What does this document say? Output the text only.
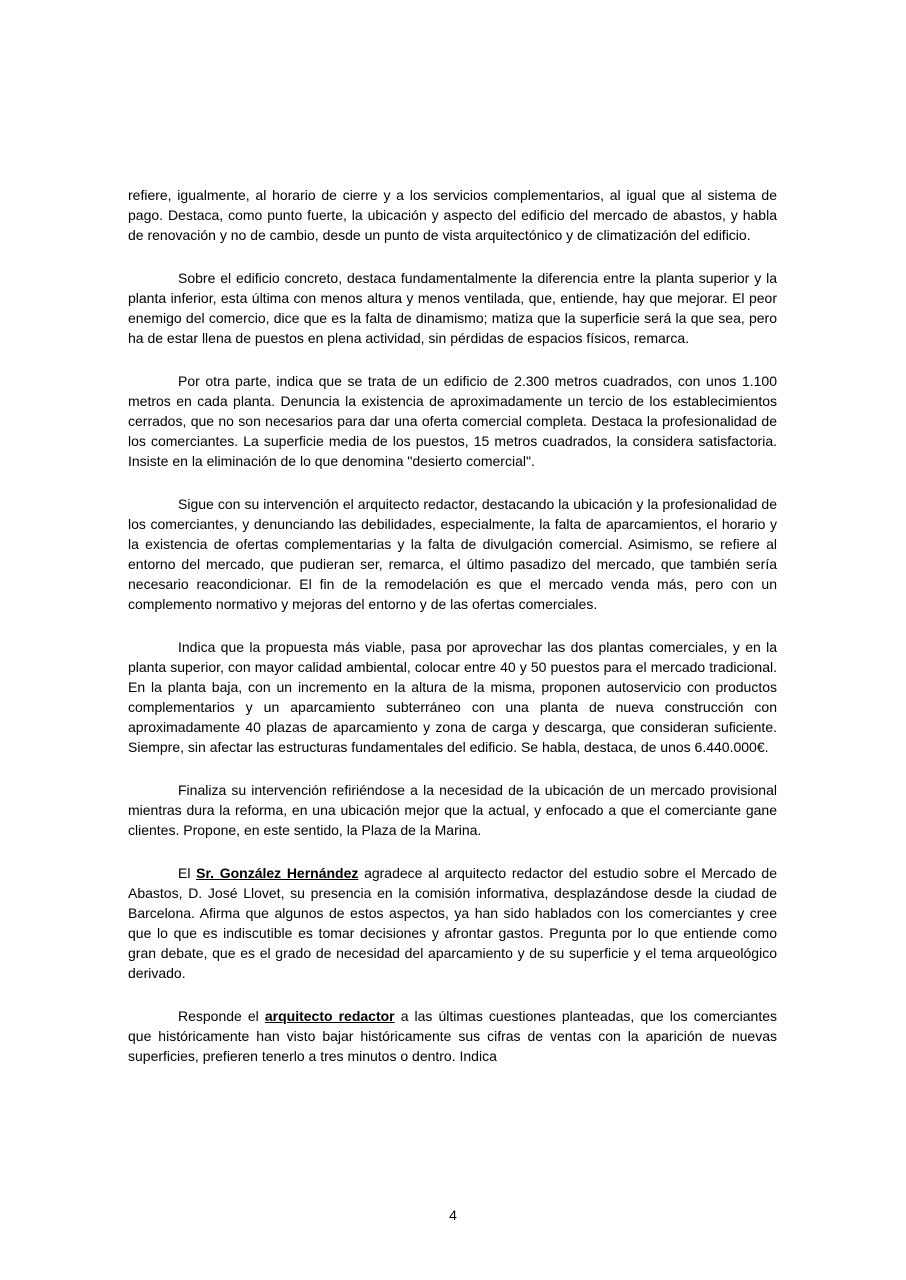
refiere, igualmente, al horario de cierre y a los servicios complementarios, al igual que al sistema de pago. Destaca, como punto fuerte, la ubicación y aspecto del edificio del mercado de abastos, y habla de renovación y no de cambio, desde un punto de vista arquitectónico y de climatización del edificio.

Sobre el edificio concreto, destaca fundamentalmente la diferencia entre la planta superior y la planta inferior, esta última con menos altura y menos ventilada, que, entiende, hay que mejorar. El peor enemigo del comercio, dice que es la falta de dinamismo; matiza que la superficie será la que sea, pero ha de estar llena de puestos en plena actividad, sin pérdidas de espacios físicos, remarca.

Por otra parte, indica que se trata de un edificio de 2.300 metros cuadrados, con unos 1.100 metros en cada planta. Denuncia la existencia de aproximadamente un tercio de los establecimientos cerrados, que no son necesarios para dar una oferta comercial completa. Destaca la profesionalidad de los comerciantes. La superficie media de los puestos, 15 metros cuadrados, la considera satisfactoria. Insiste en la eliminación de lo que denomina "desierto comercial".

Sigue con su intervención el arquitecto redactor, destacando la ubicación y la profesionalidad de los comerciantes, y denunciando las debilidades, especialmente, la falta de aparcamientos, el horario y la existencia de ofertas complementarias y la falta de divulgación comercial. Asimismo, se refiere al entorno del mercado, que pudieran ser, remarca, el último pasadizo del mercado, que también sería necesario reacondicionar. El fin de la remodelación es que el mercado venda más, pero con un complemento normativo y mejoras del entorno y de las ofertas comerciales.

Indica que la propuesta más viable, pasa por aprovechar las dos plantas comerciales, y en la planta superior, con mayor calidad ambiental, colocar entre 40 y 50 puestos para el mercado tradicional. En la planta baja, con un incremento en la altura de la misma, proponen autoservicio con productos complementarios y un aparcamiento subterráneo con una planta de nueva construcción con aproximadamente 40 plazas de aparcamiento y zona de carga y descarga, que consideran suficiente. Siempre, sin afectar las estructuras fundamentales del edificio. Se habla, destaca, de unos 6.440.000€.

Finaliza su intervención refiriéndose a la necesidad de la ubicación de un mercado provisional mientras dura la reforma, en una ubicación mejor que la actual, y enfocado a que el comerciante gane clientes. Propone, en este sentido, la Plaza de la Marina.

El Sr. González Hernández agradece al arquitecto redactor del estudio sobre el Mercado de Abastos, D. José Llovet, su presencia en la comisión informativa, desplazándose desde la ciudad de Barcelona. Afirma que algunos de estos aspectos, ya han sido hablados con los comerciantes y cree que lo que es indiscutible es tomar decisiones y afrontar gastos. Pregunta por lo que entiende como gran debate, que es el grado de necesidad del aparcamiento y de su superficie y el tema arqueológico derivado.

Responde el arquitecto redactor a las últimas cuestiones planteadas, que los comerciantes que históricamente han visto bajar históricamente sus cifras de ventas con la aparición de nuevas superficies, prefieren tenerlo a tres minutos o dentro. Indica

4
